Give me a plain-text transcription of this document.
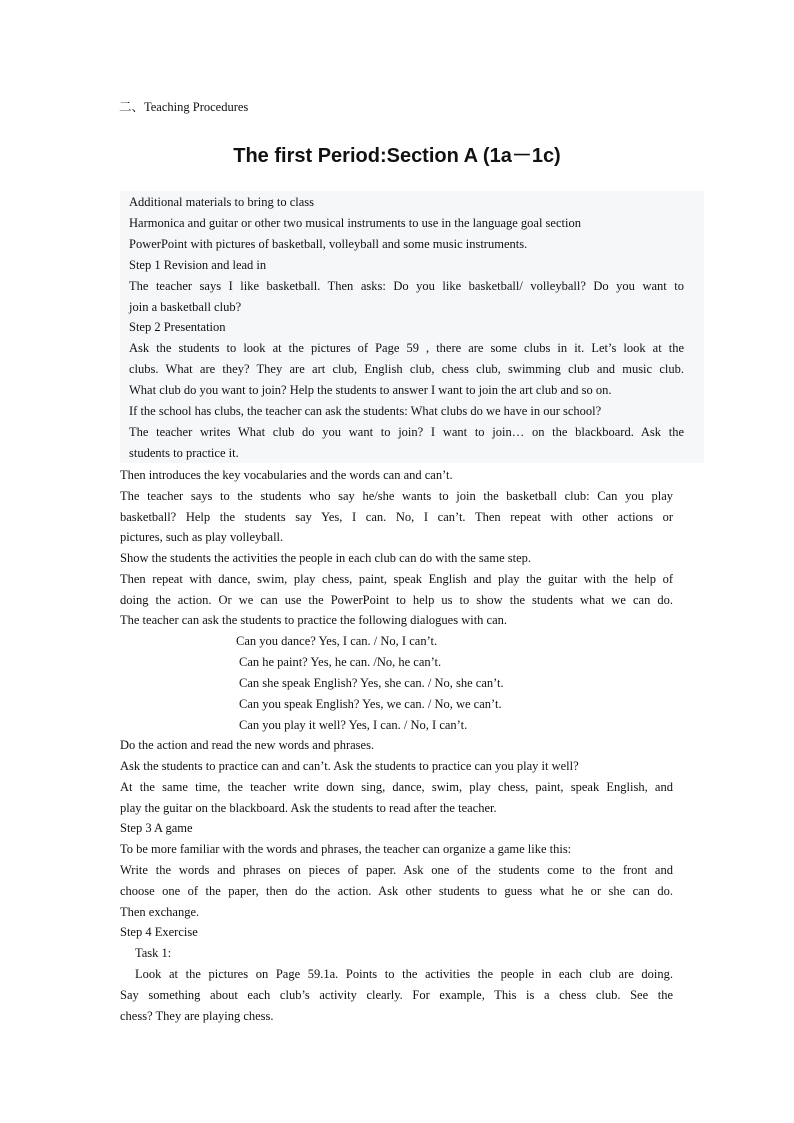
二、Teaching Procedures
The first Period:Section A (1a－1c)
Additional materials to bring to class
Harmonica and guitar or other two musical instruments to use in the language goal section
PowerPoint with pictures of basketball, volleyball and some music instruments.
Step 1 Revision and lead in
The teacher says I like basketball. Then asks: Do you like basketball/ volleyball? Do you want to
join a basketball club?
Step 2 Presentation
Ask the students to look at the pictures of Page 59 , there are some clubs in it. Let’s look at the
clubs. What are they? They are art club, English club, chess club, swimming club and music club.
What club do you want to join? Help the students to answer I want to join the art club and so on.
If the school has clubs, the teacher can ask the students: What clubs do we have in our school?
The teacher writes What club do you want to join? I want to join… on the blackboard. Ask the
students to practice it.
Then introduces the key vocabularies and the words can and can’t.
The teacher says to the students who say he/she wants to join the basketball club: Can you play
basketball? Help the students say Yes, I can. No, I can’t. Then repeat with other actions or
pictures, such as play volleyball.
Show the students the activities the people in each club can do with the same step.
Then repeat with dance, swim, play chess, paint, speak English and play the guitar with the help of
doing the action. Or we can use the PowerPoint to help us to show the students what we can do.
The teacher can ask the students to practice the following dialogues with can.
Can you dance? Yes, I can. / No, I can’t.
Can he paint? Yes, he can. /No, he can’t.
Can she speak English? Yes, she can. / No, she can’t.
Can you speak English? Yes, we can. / No, we can’t.
Can you play it well? Yes, I can. / No, I can’t.
Do the action and read the new words and phrases.
Ask the students to practice can and can’t. Ask the students to practice can you play it well?
At the same time, the teacher write down sing, dance, swim, play chess, paint, speak English, and
play the guitar on the blackboard. Ask the students to read after the teacher.
Step 3 A game
To be more familiar with the words and phrases, the teacher can organize a game like this:
Write the words and phrases on pieces of paper. Ask one of the students come to the front and
choose one of the paper, then do the action. Ask other students to guess what he or she can do.
Then exchange.
Step 4 Exercise
Task 1:
Look at the pictures on Page 59.1a. Points to the activities the people in each club are doing.
Say something about each club’s activity clearly. For example, This is a chess club. See the
chess? They are playing chess.
